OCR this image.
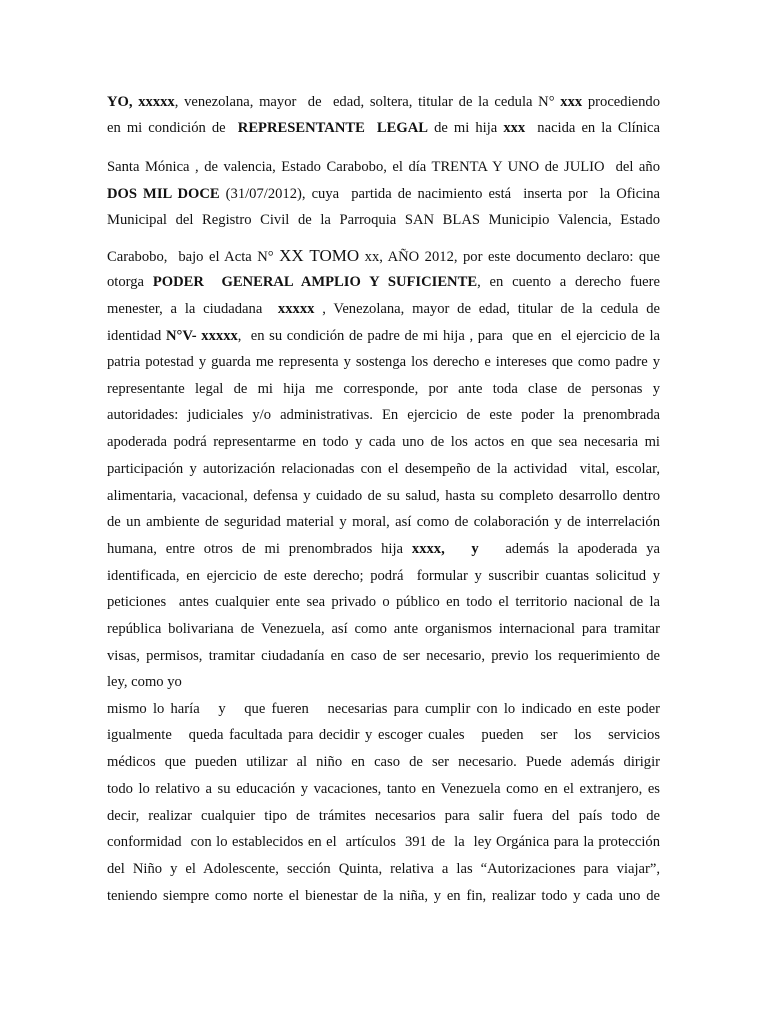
YO, xxxxx, venezolana, mayor  de  edad, soltera, titular de la cedula N° xxx procediendo
en mi condición de  REPRESENTANTE  LEGAL de mi hija xxx  nacida en la Clínica
Santa Mónica , de valencia, Estado Carabobo, el día TRENTA Y UNO de JULIO  del año
DOS MIL DOCE (31/07/2012), cuya  partida de nacimiento está  inserta por  la Oficina
Municipal del Registro Civil de la Parroquia SAN BLAS Municipio Valencia, Estado
Carabobo,  bajo el Acta N° XX TOMO xx, AÑO 2012, por este documento declaro: que
otorga PODER  GENERAL AMPLIO Y SUFICIENTE, en cuento a derecho fuere
menester, a la ciudadana  xxxxx , Venezolana, mayor de edad, titular de la cedula de
identidad N°V- xxxxx,  en su condición de padre de mi hija , para  que en  el ejercicio de la
patria potestad y guarda me representa y sostenga los derecho e intereses que como padre y
representante legal de mi hija me corresponde, por ante toda clase de personas y
autoridades: judiciales y/o administrativas. En ejercicio de este poder la prenombrada
apoderada podrá representarme en todo y cada uno de los actos en que sea necesaria mi
participación y autorización relacionadas con el desempeño de la actividad  vital, escolar,
alimentaria, vacacional, defensa y cuidado de su salud, hasta su completo desarrollo dentro
de un ambiente de seguridad material y moral, así como de colaboración y de interrelación
humana, entre otros de mi prenombrados hija xxxx, y   además la apoderada ya
identificada, en ejercicio de este derecho; podrá  formular y suscribir cuantas solicitud y
peticiones  antes cualquier ente sea privado o público en todo el territorio nacional de la
república bolivariana de Venezuela, así como ante organismos internacional para tramitar
visas, permisos, tramitar ciudadanía en caso de ser necesario, previo los requerimiento de
ley, como yo
mismo lo haría   y   que fueren   necesarias para cumplir con lo indicado en este poder
igualmente   queda facultada para decidir y escoger cuales   pueden   ser   los   servicios
médicos que pueden utilizar al niño en caso de ser necesario. Puede además dirigir
todo lo relativo a su educación y vacaciones, tanto en Venezuela como en el extranjero, es
decir, realizar cualquier tipo de trámites necesarios para salir fuera del país todo de
conformidad  con lo establecidos en el  artículos  391 de  la  ley Orgánica para la protección
del Niño y el Adolescente, sección Quinta, relativa a las “Autorizaciones para viajar”,
teniendo siempre como norte el bienestar de la niña, y en fin, realizar todo y cada uno de
